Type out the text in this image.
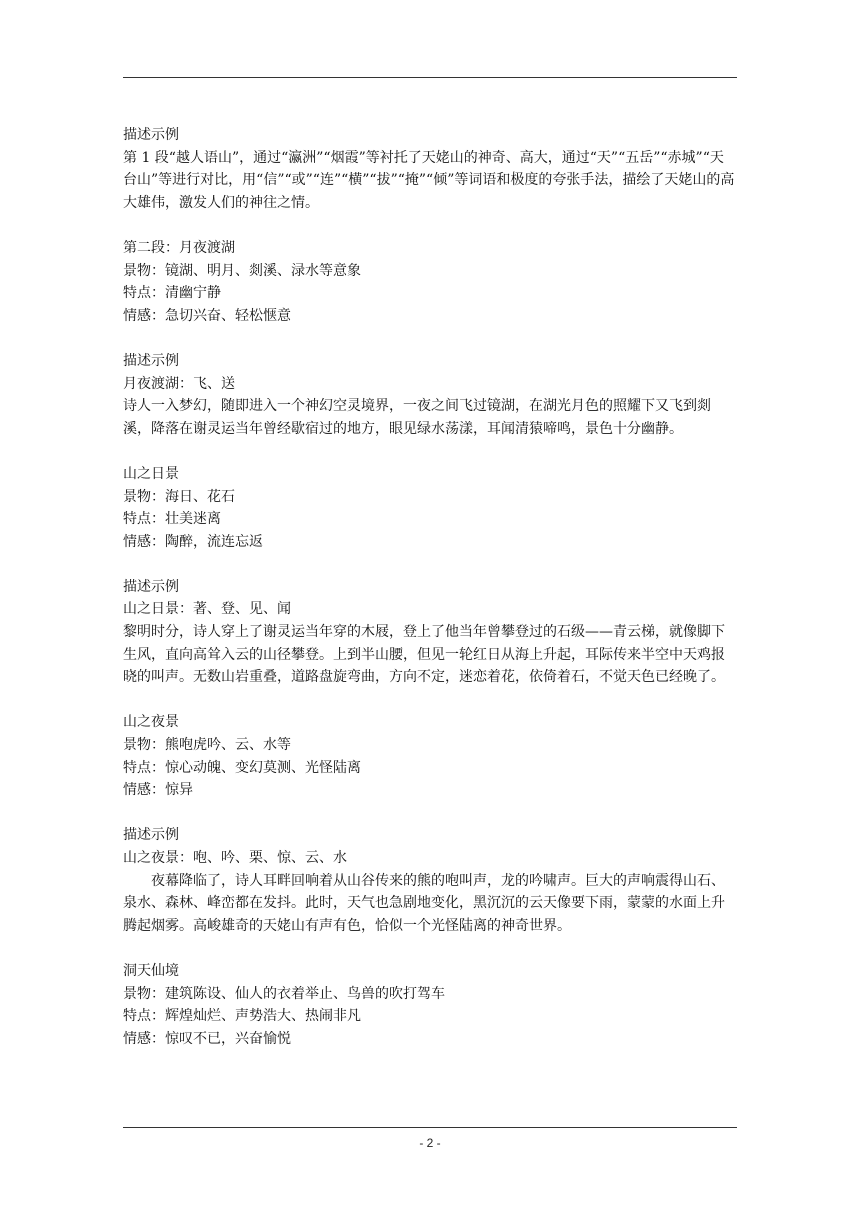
描述示例

第 1 段“越人语山”，通过“瀛洲”“烟霞”等衬托了天姥山的神奇、高大，通过“天”“五岳”“赤城”“天台山”等进行对比，用“信”“或”“连”“横”“拔”“掩”“倾”等词语和极度的夸张手法，描绘了天姥山的高大雄伟，激发人们的神往之情。

第二段：月夜渡湖

景物：镜湖、明月、剡溪、渌水等意象

特点：清幽宁静

情感：急切兴奋、轻松惬意

描述示例

月夜渡湖：飞、送

诗人一入梦幻，随即进入一个神幻空灵境界，一夜之间飞过镜湖，在湖光月色的照耀下又飞到剡溪，降落在谢灵运当年曾经歇宿过的地方，眼见绿水荡漾，耳闻清猿啼鸣，景色十分幽静。

山之日景

景物：海日、花石

特点：壮美迷离

情感：陶醉，流连忘返

描述示例

山之日景：著、登、见、闻

黎明时分，诗人穿上了谢灵运当年穿的木屐，登上了他当年曾攀登过的石级——青云梯，就像脚下生风，直向高耸入云的山径攀登。上到半山腰，但见一轮红日从海上升起，耳际传来半空中天鸡报晓的叫声。无数山岩重叠，道路盘旋弯曲，方向不定，迷恋着花，依倚着石，不觉天色已经晚了。

山之夜景

景物：熊咆虎吟、云、水等

特点：惊心动魄、变幻莫测、光怪陆离

情感：惊异

描述示例

山之夜景：咆、吟、栗、惊、云、水

夜幕降临了，诗人耳畔回响着从山谷传来的熊的咆叫声，龙的吟啸声。巨大的声响震得山石、泉水、森林、峰峦都在发抖。此时，天气也急剧地变化，黑沉沉的云天像要下雨，蒙蒙的水面上升腾起烟雾。高峻雄奇的天姥山有声有色，恰似一个光怪陆离的神奇世界。

洞天仙境

景物：建筑陈设、仙人的衣着举止、鸟兽的吹打驾车

特点：辉煌灿烂、声势浩大、热闹非凡

情感：惊叹不已，兴奋愉悦

- 2 -
